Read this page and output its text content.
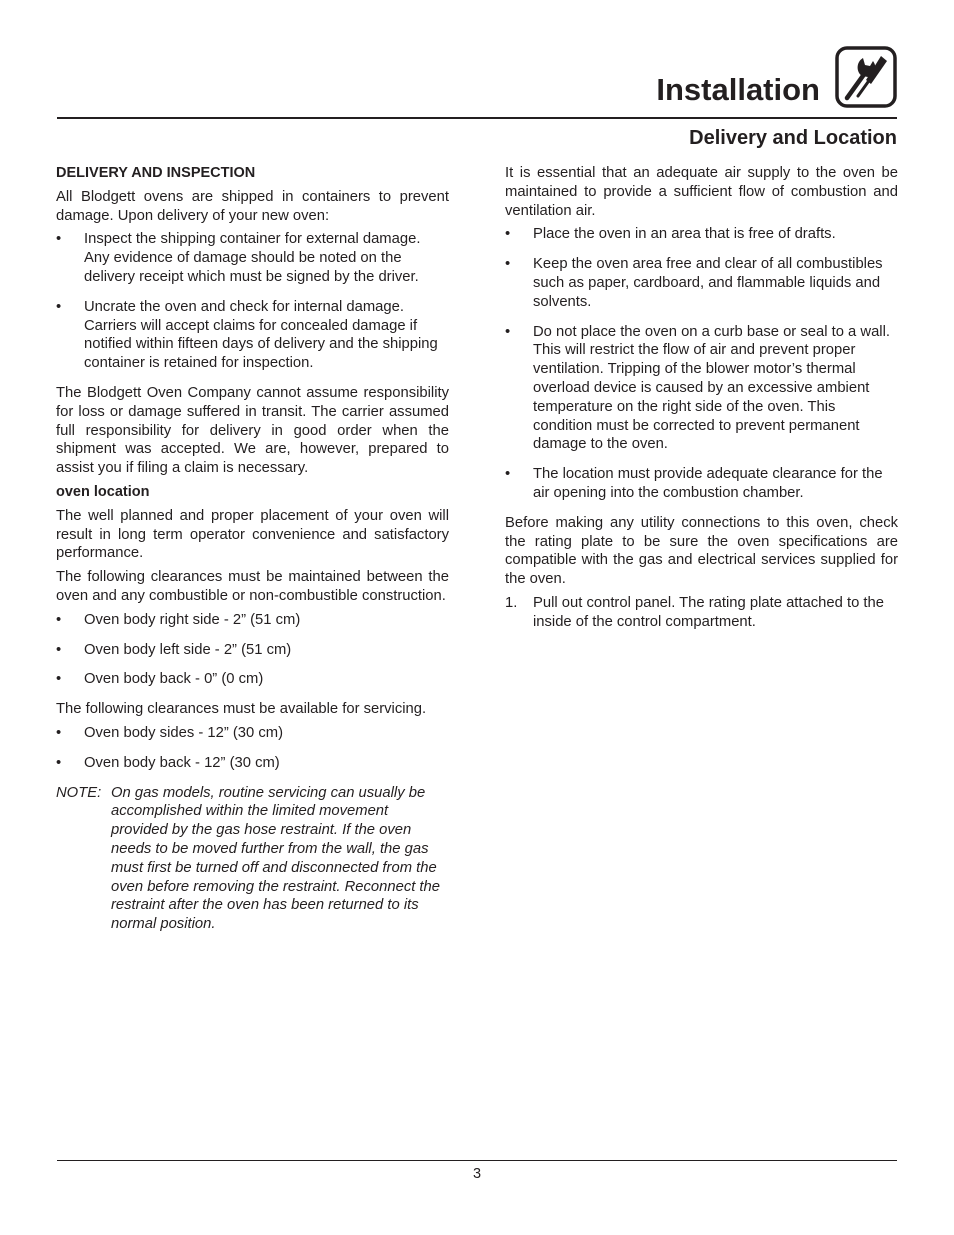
Installation
Delivery and Location
DELIVERY AND INSPECTION

All Blodgett ovens are shipped in containers to prevent damage. Upon delivery of your new oven:

• Inspect the shipping container for external damage. Any evidence of damage should be noted on the delivery receipt which must be signed by the driver.
• Uncrate the oven and check for internal damage. Carriers will accept claims for concealed damage if notified within fifteen days of delivery and the shipping container is retained for inspection.

The Blodgett Oven Company cannot assume responsibility for loss or damage suffered in transit. The carrier assumed full responsibility for delivery in good order when the shipment was accepted. We are, however, prepared to assist you if filing a claim is necessary.

oven location

The well planned and proper placement of your oven will result in long term operator convenience and satisfactory performance.

The following clearances must be maintained between the oven and any combustible or non-combustible construction.

• Oven body right side - 2” (51 cm)
• Oven body left side - 2” (51 cm)
• Oven body back - 0” (0 cm)

The following clearances must be available for servicing.

• Oven body sides - 12” (30 cm)
• Oven body back - 12” (30 cm)
NOTE: On gas models, routine servicing can usually be accomplished within the limited movement provided by the gas hose restraint. If the oven needs to be moved further from the wall, the gas must first be turned off and disconnected from the oven before removing the restraint. Reconnect the restraint after the oven has been returned to its normal position.

It is essential that an adequate air supply to the oven be maintained to provide a sufficient flow of combustion and ventilation air.

• Place the oven in an area that is free of drafts.
• Keep the oven area free and clear of all combustibles such as paper, cardboard, and flammable liquids and solvents.
• Do not place the oven on a curb base or seal to a wall. This will restrict the flow of air and prevent proper ventilation. Tripping of the blower motor’s thermal overload device is caused by an excessive ambient temperature on the right side of the oven. This condition must be corrected to prevent permanent damage to the oven.
• The location must provide adequate clearance for the air opening into the combustion chamber.

Before making any utility connections to this oven, check the rating plate to be sure the oven specifications are compatible with the gas and electrical services supplied for the oven.

1. Pull out control panel. The rating plate attached to the inside of the control compartment.
3
